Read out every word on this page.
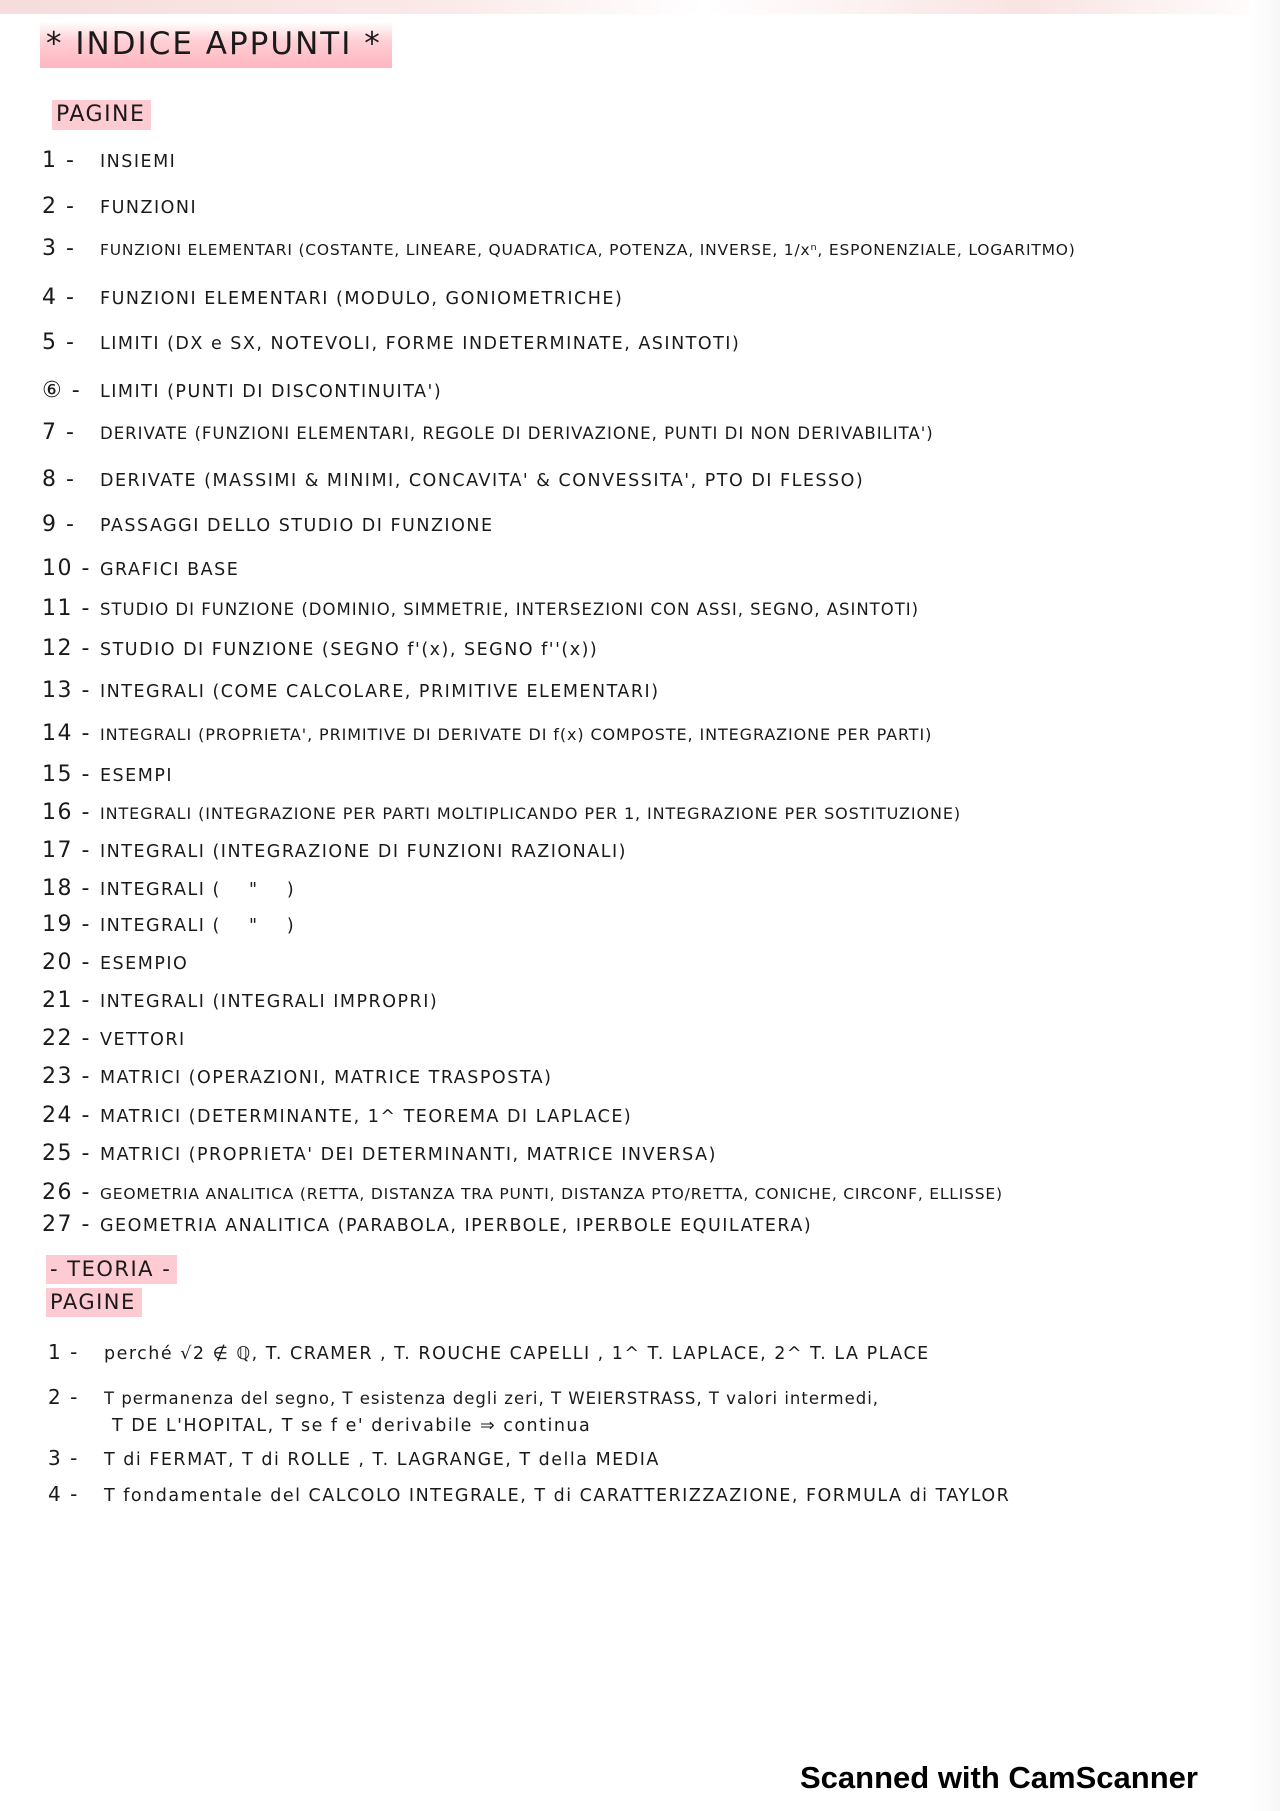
* INDICE APPUNTI *
PAGINE
1 -	INSIEMI
2 -	FUNZIONI
3 -	FUNZIONI ELEMENTARI (COSTANTE, LINEARE, QUADRATICA, POTENZA, INVERSE, 1/xⁿ, ESPONENZIALE, LOGARITMO)
4 -	FUNZIONI ELEMENTARI (MODULO, GONIOMETRICHE)
5 -	LIMITI (DX e SX, NOTEVOLI, FORME INDETERMINATE, ASINTOTI)
⑥ -	LIMITI (PUNTI DI DISCONTINUITA')
7 -	DERIVATE (FUNZIONI ELEMENTARI, REGOLE DI DERIVAZIONE, PUNTI DI NON DERIVABILITA')
8 -	DERIVATE (MASSIMI & MINIMI, CONCAVITA' & CONVESSITA', PTO DI FLESSO)
9 -	PASSAGGI DELLO STUDIO DI FUNZIONE
10 - GRAFICI BASE
11 - STUDIO DI FUNZIONE (DOMINIO, SIMMETRIE, INTERSEZIONI CON ASSI, SEGNO, ASINTOTI)
12 - STUDIO DI FUNZIONE (SEGNO f'(x), SEGNO f''(x))
13 - INTEGRALI (COME CALCOLARE, PRIMITIVE ELEMENTARI)
14 - INTEGRALI (PROPRIETA', PRIMITIVE DI DERIVATE DI f(x) COMPOSTE, INTEGRAZIONE PER PARTI)
15 - ESEMPI
16 - INTEGRALI (INTEGRAZIONE PER PARTI MOLTIPLICANDO PER 1, INTEGRAZIONE PER SOSTITUZIONE)
17 - INTEGRALI (INTEGRAZIONE DI FUNZIONI RAZIONALI)
18 - INTEGRALI (    "    )
19 - INTEGRALI (    "    )
20 - ESEMPIO
21 - INTEGRALI (INTEGRALI IMPROPRI)
22 - VETTORI
23 - MATRICI (OPERAZIONI, MATRICE TRASPOSTA)
24 - MATRICI (DETERMINANTE, 1^ TEOREMA DI LAPLACE)
25 - MATRICI (PROPRIETA' DEI DETERMINANTI, MATRICE INVERSA)
26 - GEOMETRIA ANALITICA (RETTA, DISTANZA TRA PUNTI, DISTANZA PTO/RETTA, CONICHE, CIRCONF, ELLISSE)
27 - GEOMETRIA ANALITICA (PARABOLA, IPERBOLE, IPERBOLE EQUILATERA)
- TEORIA -
PAGINE
1 -	perché √2 ∉ ℚ, T. CRAMER , T. ROUCHE CAPELLI , 1^ T. LAPLACE, 2^ T. LA PLACE
2 -	T permanenza del segno, T esistenza degli zeri, T WEIERSTRASS, T valori intermedi,
T DE L'HOPITAL, T se f e' derivabile ⇒ continua
3 -	T di FERMAT, T di ROLLE , T. LAGRANGE, T della MEDIA
4 -	T fondamentale del CALCOLO INTEGRALE, T di CARATTERIZZAZIONE, FORMULA di TAYLOR
Scanned with CamScanner
